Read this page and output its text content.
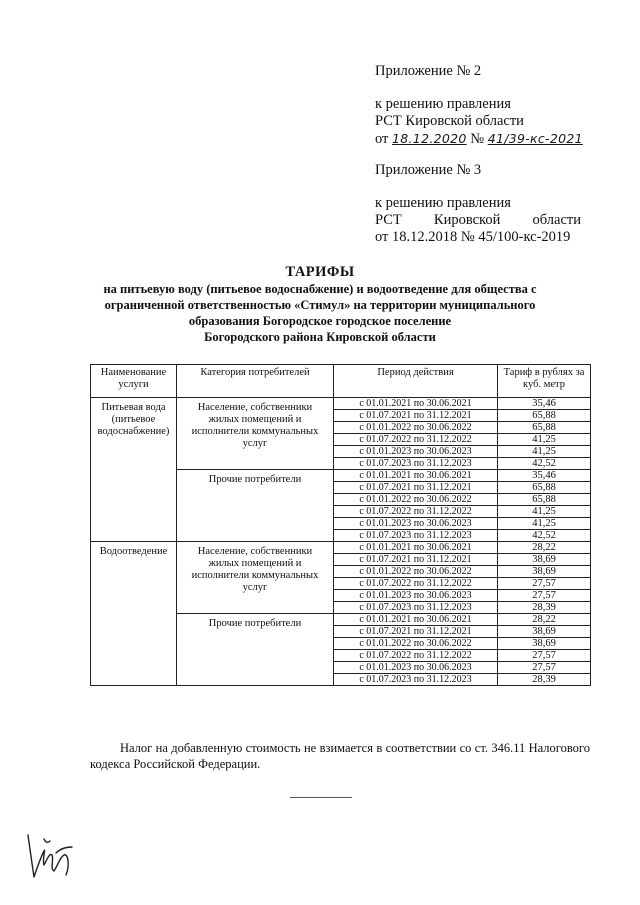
Приложение № 2
к решению правления
РСТ Кировской области
от 18.12.2020 № 41/39-кс-2021
Приложение № 3
к решению правления
РСТ Кировской области
от 18.12.2018 № 45/100-кс-2019
ТАРИФЫ
на питьевую воду (питьевое водоснабжение) и водоотведение для общества с
ограниченной ответственностью «Стимул» на территории муниципального
образования Богородское городское поселение
Богородского района Кировской области
Наименование услуги	Категория потребителей	Период действия	Тариф в рублях за куб. метр
Питьевая вода (питьевое водоснабжение)	Население, собственники жилых помещений и исполнители коммунальных услуг	с 01.01.2021 по 30.06.2021	35,46
		с 01.07.2021 по 31.12.2021	65,88
		с 01.01.2022 по 30.06.2022	65,88
		с 01.07.2022 по 31.12.2022	41,25
		с 01.01.2023 по 30.06.2023	41,25
		с 01.07.2023 по 31.12.2023	42,52
	Прочие потребители	с 01.01.2021 по 30.06.2021	35,46
		с 01.07.2021 по 31.12.2021	65,88
		с 01.01.2022 по 30.06.2022	65,88
		с 01.07.2022 по 31.12.2022	41,25
		с 01.01.2023 по 30.06.2023	41,25
		с 01.07.2023 по 31.12.2023	42,52
Водоотведение	Население, собственники жилых помещений и исполнители коммунальных услуг	с 01.01.2021 по 30.06.2021	28,22
		с 01.07.2021 по 31.12.2021	38,69
		с 01.01.2022 по 30.06.2022	38,69
		с 01.07.2022 по 31.12.2022	27,57
		с 01.01.2023 по 30.06.2023	27,57
		с 01.07.2023 по 31.12.2023	28,39
	Прочие потребители	с 01.01.2021 по 30.06.2021	28,22
		с 01.07.2021 по 31.12.2021	38,69
		с 01.01.2022 по 30.06.2022	38,69
		с 01.07.2022 по 31.12.2022	27,57
		с 01.01.2023 по 30.06.2023	27,57
		с 01.07.2023 по 31.12.2023	28,39
Налог на добавленную стоимость не взимается в соответствии со ст. 346.11 Налогового кодекса Российской Федерации.
